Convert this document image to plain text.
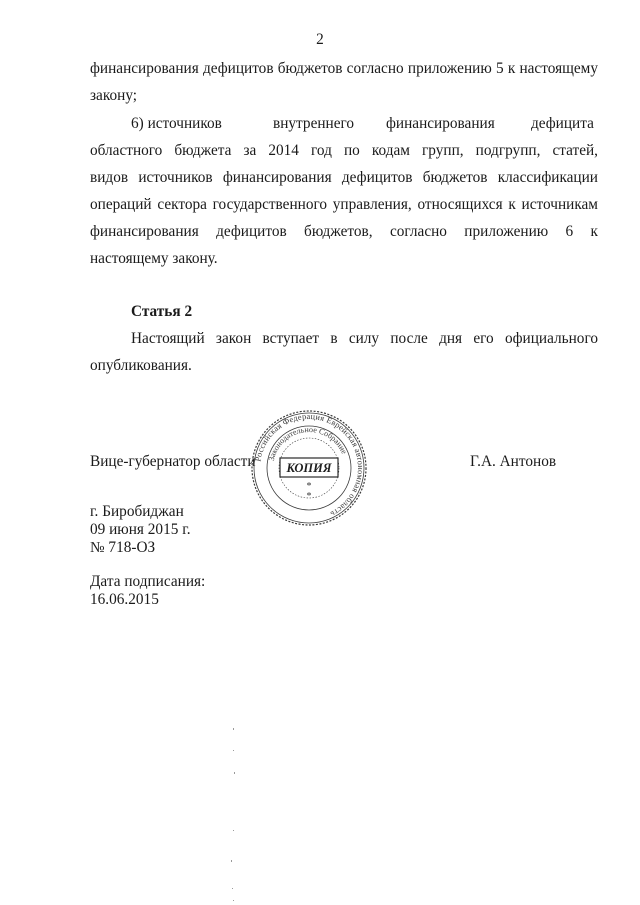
2
финансирования дефицитов бюджетов согласно приложению 5 к настоящему
закону;
6) источников	внутреннего финансирования дефицита
областного бюджета за 2014 год по кодам групп, подгрупп, статей,
видов источников финансирования дефицитов бюджетов классификации
операций сектора государственного управления, относящихся к источникам
финансирования дефицитов бюджетов, согласно приложению 6 к
настоящему закону.
Статья 2
Настоящий закон вступает в силу после дня его официального
опубликования.
Вице-губернатор области	Г.А. Антонов
Российская Федерация Еврейская автономная область
Законодательное Собрание
КОПИЯ
*
*
г. Биробиджан
09 июня 2015 г.
№ 718-ОЗ
Дата подписания:
16.06.2015
